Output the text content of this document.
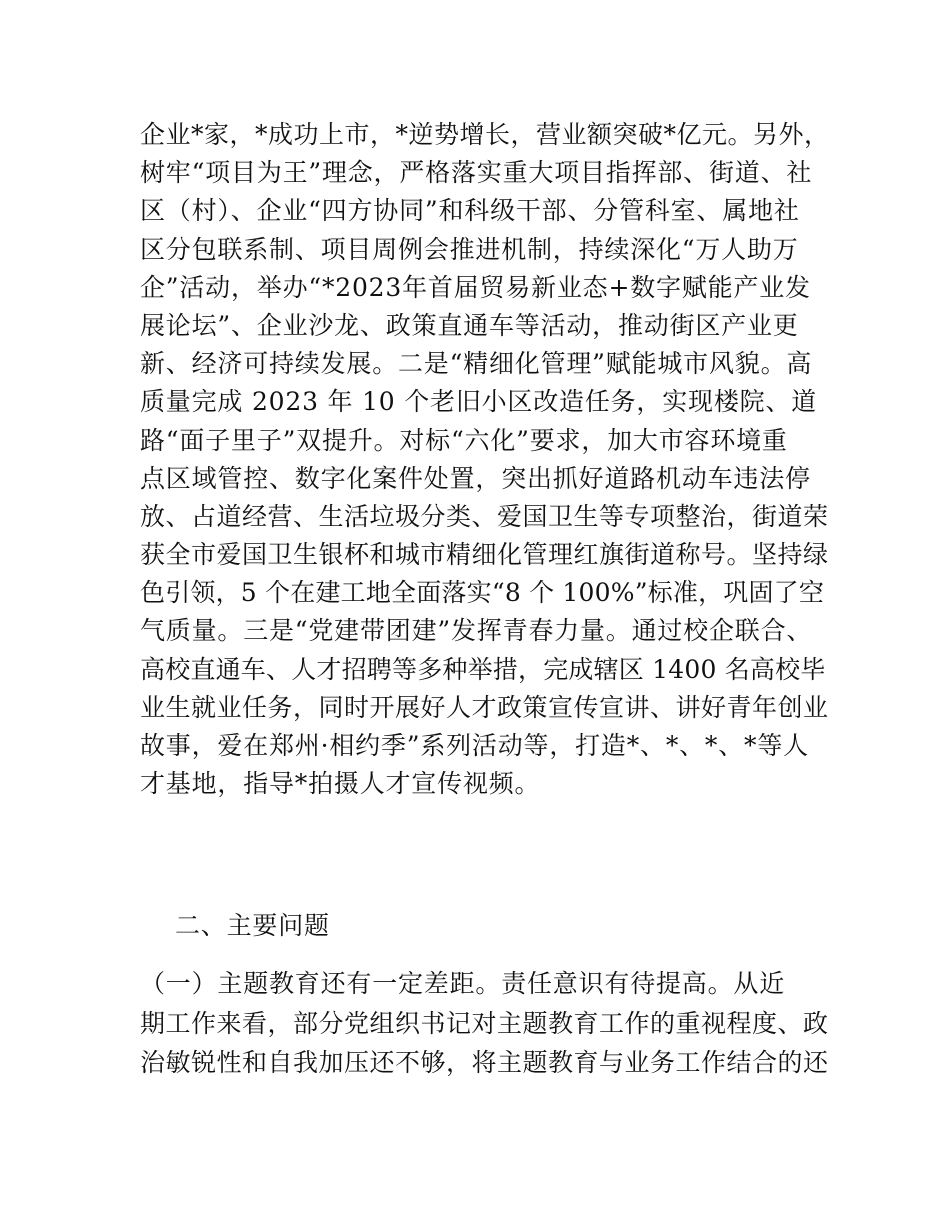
企业*家，*成功上市，*逆势增长，营业额突破*亿元。另外，
树牢“项目为王”理念，严格落实重大项目指挥部、街道、社
区（村）、企业“四方协同”和科级干部、分管科室、属地社
区分包联系制、项目周例会推进机制，持续深化“万人助万
企”活动，举办“*2023年首届贸易新业态+数字赋能产业发
展论坛”、企业沙龙、政策直通车等活动，推动街区产业更
新、经济可持续发展。二是“精细化管理”赋能城市风貌。高
质量完成 2023 年 10 个老旧小区改造任务，实现楼院、道
路“面子里子”双提升。对标“六化”要求，加大市容环境重
点区域管控、数字化案件处置，突出抓好道路机动车违法停
放、占道经营、生活垃圾分类、爱国卫生等专项整治，街道荣
获全市爱国卫生银杯和城市精细化管理红旗街道称号。坚持绿
色引领，5 个在建工地全面落实“8 个 100%”标准，巩固了空
气质量。三是“党建带团建”发挥青春力量。通过校企联合、
高校直通车、人才招聘等多种举措，完成辖区 1400 名高校毕
业生就业任务，同时开展好人才政策宣传宣讲、讲好青年创业
故事，爱在郑州·相约季”系列活动等，打造*、*、*、*等人
才基地，指导*拍摄人才宣传视频。
二、主要问题
（一）主题教育还有一定差距。责任意识有待提高。从近
期工作来看，部分党组织书记对主题教育工作的重视程度、政
治敏锐性和自我加压还不够，将主题教育与业务工作结合的还
